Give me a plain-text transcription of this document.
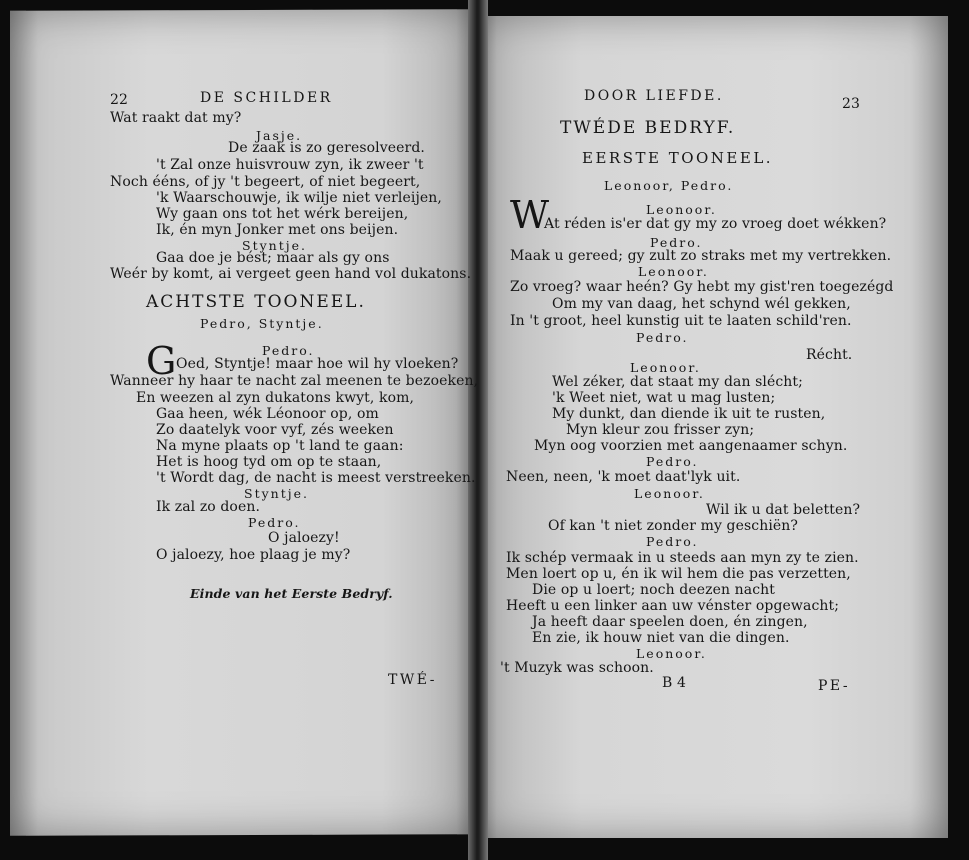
22	DE SCHILDER
Wat raakt dat my?
Jasje.
De zaak is zo geresolveerd.
't Zal onze huisvrouw zyn, ik zweer 't
Noch ééns, of jy 't begeert, of niet begeert,
'k Waarschouwje, ik wilje niet verleijen,
Wy gaan ons tot het wérk bereijen,
Ik, én myn Jonker met ons beijen.
Styntje.
Gaa doe je bést; maar als gy ons
Weér by komt, ai vergeet geen hand vol dukatons.
ACHTSTE TOONEEL.
Pedro, Styntje.
Pedro.
G Oed, Styntje! maar hoe wil hy vloeken?
Wanneer hy haar te nacht zal meenen te bezoeken,
En weezen al zyn dukatons kwyt, kom,
Gaa heen, wék Léonoor op, om
Zo daatelyk voor vyf, zés weeken
Na myne plaats op 't land te gaan:
Het is hoog tyd om op te staan,
't Wordt dag, de nacht is meest verstreeken.
Styntje.
Ik zal zo doen.
Pedro.
O jaloezy!
O jaloezy, hoe plaag je my?
Einde van het Eerste Bedryf.
TWÉ-
DOOR LIEFDE.	23
TWÉDE BEDRYF.
EERSTE TOONEEL.
Leonoor, Pedro.
Leonoor.
W
At réden is'er dat gy my zo vroeg doet wékken?
Pedro.
Maak u gereed; gy zult zo straks met my vertrekken.
Leonoor.
Zo vroeg? waar heén? Gy hebt my gist'ren toegezégd
Om my van daag, het schynd wél gekken,
In 't groot, heel kunstig uit te laaten schild'ren.
Pedro.
Récht.
Leonoor.
Wel zéker, dat staat my dan slécht;
'k Weet niet, wat u mag lusten;
My dunkt, dan diende ik uit te rusten,
Myn kleur zou frisser zyn;
Myn oog voorzien met aangenaamer schyn.
Pedro.
Neen, neen, 'k moet daat'lyk uit.
Leonoor.
Wil ik u dat beletten?
Of kan 't niet zonder my geschiën?
Pedro.
Ik schép vermaak in u steeds aan myn zy te zien.
Men loert op u, én ik wil hem die pas verzetten,
Die op u loert; noch deezen nacht
Heeft u een linker aan uw vénster opgewacht;
Ja heeft daar speelen doen, én zingen,
En zie, ik houw niet van die dingen.
Leonoor.
't Muzyk was schoon.
B 4	PE-
